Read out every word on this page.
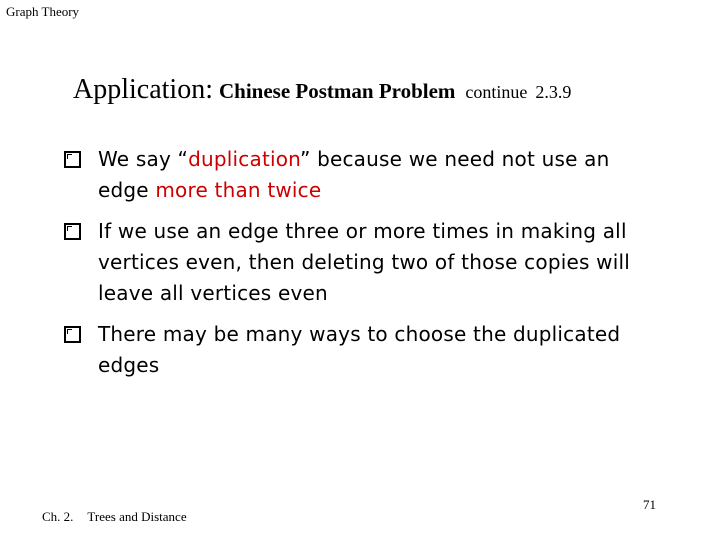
Graph Theory
Application: Chinese Postman Problem continue 2.3.9
We say “duplication” because we need not use an edge more than twice
If we use an edge three or more times in making all vertices even, then deleting two of those copies will leave all vertices even
There may be many ways to choose the duplicated edges
Ch. 2. Trees and Distance
71
